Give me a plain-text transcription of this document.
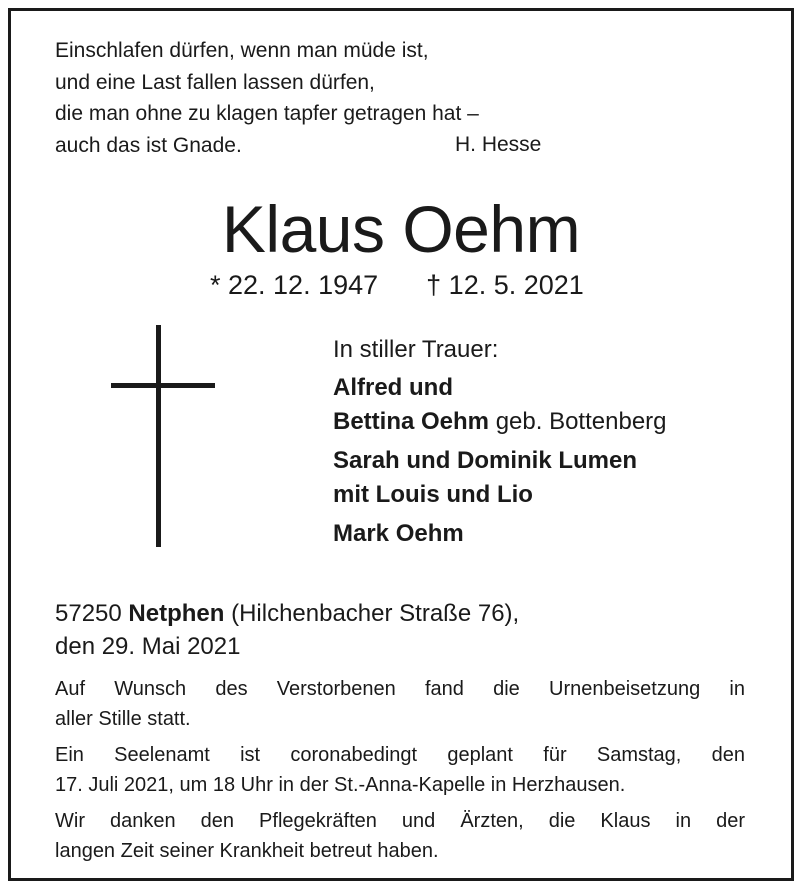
Einschlafen dürfen, wenn man müde ist,
und eine Last fallen lassen dürfen,
die man ohne zu klagen tapfer getragen hat –
auch das ist Gnade.	H. Hesse
Klaus Oehm
* 22. 12. 1947 † 12. 5. 2021
In stiller Trauer:
Alfred und
Bettina Oehm geb. Bottenberg
Sarah und Dominik Lumen
mit Louis und Lio
Mark Oehm
57250 Netphen (Hilchenbacher Straße 76),
den 29. Mai 2021

Auf Wunsch des Verstorbenen fand die Urnenbeisetzung in
aller Stille statt.

Ein Seelenamt ist coronabedingt geplant für Samstag, den
17. Juli 2021, um 18 Uhr in der St.-Anna-Kapelle in Herzhausen.

Wir danken den Pflegekräften und Ärzten, die Klaus in der
langen Zeit seiner Krankheit betreut haben.
